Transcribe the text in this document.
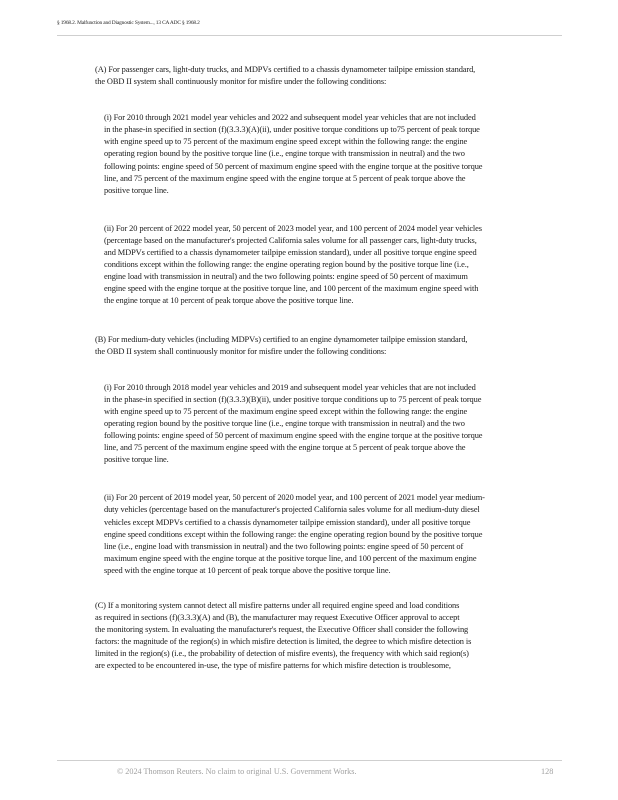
§ 1968.2. Malfunction and Diagnostic System..., 13 CA ADC § 1968.2

(A) For passenger cars, light-duty trucks, and MDPVs certified to a chassis dynamometer tailpipe emission standard,
the OBD II system shall continuously monitor for misfire under the following conditions:

(i) For 2010 through 2021 model year vehicles and 2022 and subsequent model year vehicles that are not included
in the phase-in specified in section (f)(3.3.3)(A)(ii), under positive torque conditions up to75 percent of peak torque
with engine speed up to 75 percent of the maximum engine speed except within the following range: the engine
operating region bound by the positive torque line (i.e., engine torque with transmission in neutral) and the two
following points: engine speed of 50 percent of maximum engine speed with the engine torque at the positive torque
line, and 75 percent of the maximum engine speed with the engine torque at 5 percent of peak torque above the
positive torque line.

(ii) For 20 percent of 2022 model year, 50 percent of 2023 model year, and 100 percent of 2024 model year vehicles
(percentage based on the manufacturer's projected California sales volume for all passenger cars, light-duty trucks,
and MDPVs certified to a chassis dynamometer tailpipe emission standard), under all positive torque engine speed
conditions except within the following range: the engine operating region bound by the positive torque line (i.e.,
engine load with transmission in neutral) and the two following points: engine speed of 50 percent of maximum
engine speed with the engine torque at the positive torque line, and 100 percent of the maximum engine speed with
the engine torque at 10 percent of peak torque above the positive torque line.

(B) For medium-duty vehicles (including MDPVs) certified to an engine dynamometer tailpipe emission standard,
the OBD II system shall continuously monitor for misfire under the following conditions:

(i) For 2010 through 2018 model year vehicles and 2019 and subsequent model year vehicles that are not included
in the phase-in specified in section (f)(3.3.3)(B)(ii), under positive torque conditions up to 75 percent of peak torque
with engine speed up to 75 percent of the maximum engine speed except within the following range: the engine
operating region bound by the positive torque line (i.e., engine torque with transmission in neutral) and the two
following points: engine speed of 50 percent of maximum engine speed with the engine torque at the positive torque
line, and 75 percent of the maximum engine speed with the engine torque at 5 percent of peak torque above the
positive torque line.

(ii) For 20 percent of 2019 model year, 50 percent of 2020 model year, and 100 percent of 2021 model year medium-
duty vehicles (percentage based on the manufacturer's projected California sales volume for all medium-duty diesel
vehicles except MDPVs certified to a chassis dynamometer tailpipe emission standard), under all positive torque
engine speed conditions except within the following range: the engine operating region bound by the positive torque
line (i.e., engine load with transmission in neutral) and the two following points: engine speed of 50 percent of
maximum engine speed with the engine torque at the positive torque line, and 100 percent of the maximum engine
speed with the engine torque at 10 percent of peak torque above the positive torque line.

(C) If a monitoring system cannot detect all misfire patterns under all required engine speed and load conditions
as required in sections (f)(3.3.3)(A) and (B), the manufacturer may request Executive Officer approval to accept
the monitoring system. In evaluating the manufacturer's request, the Executive Officer shall consider the following
factors: the magnitude of the region(s) in which misfire detection is limited, the degree to which misfire detection is
limited in the region(s) (i.e., the probability of detection of misfire events), the frequency with which said region(s)
are expected to be encountered in-use, the type of misfire patterns for which misfire detection is troublesome,

© 2024 Thomson Reuters. No claim to original U.S. Government Works.	128
